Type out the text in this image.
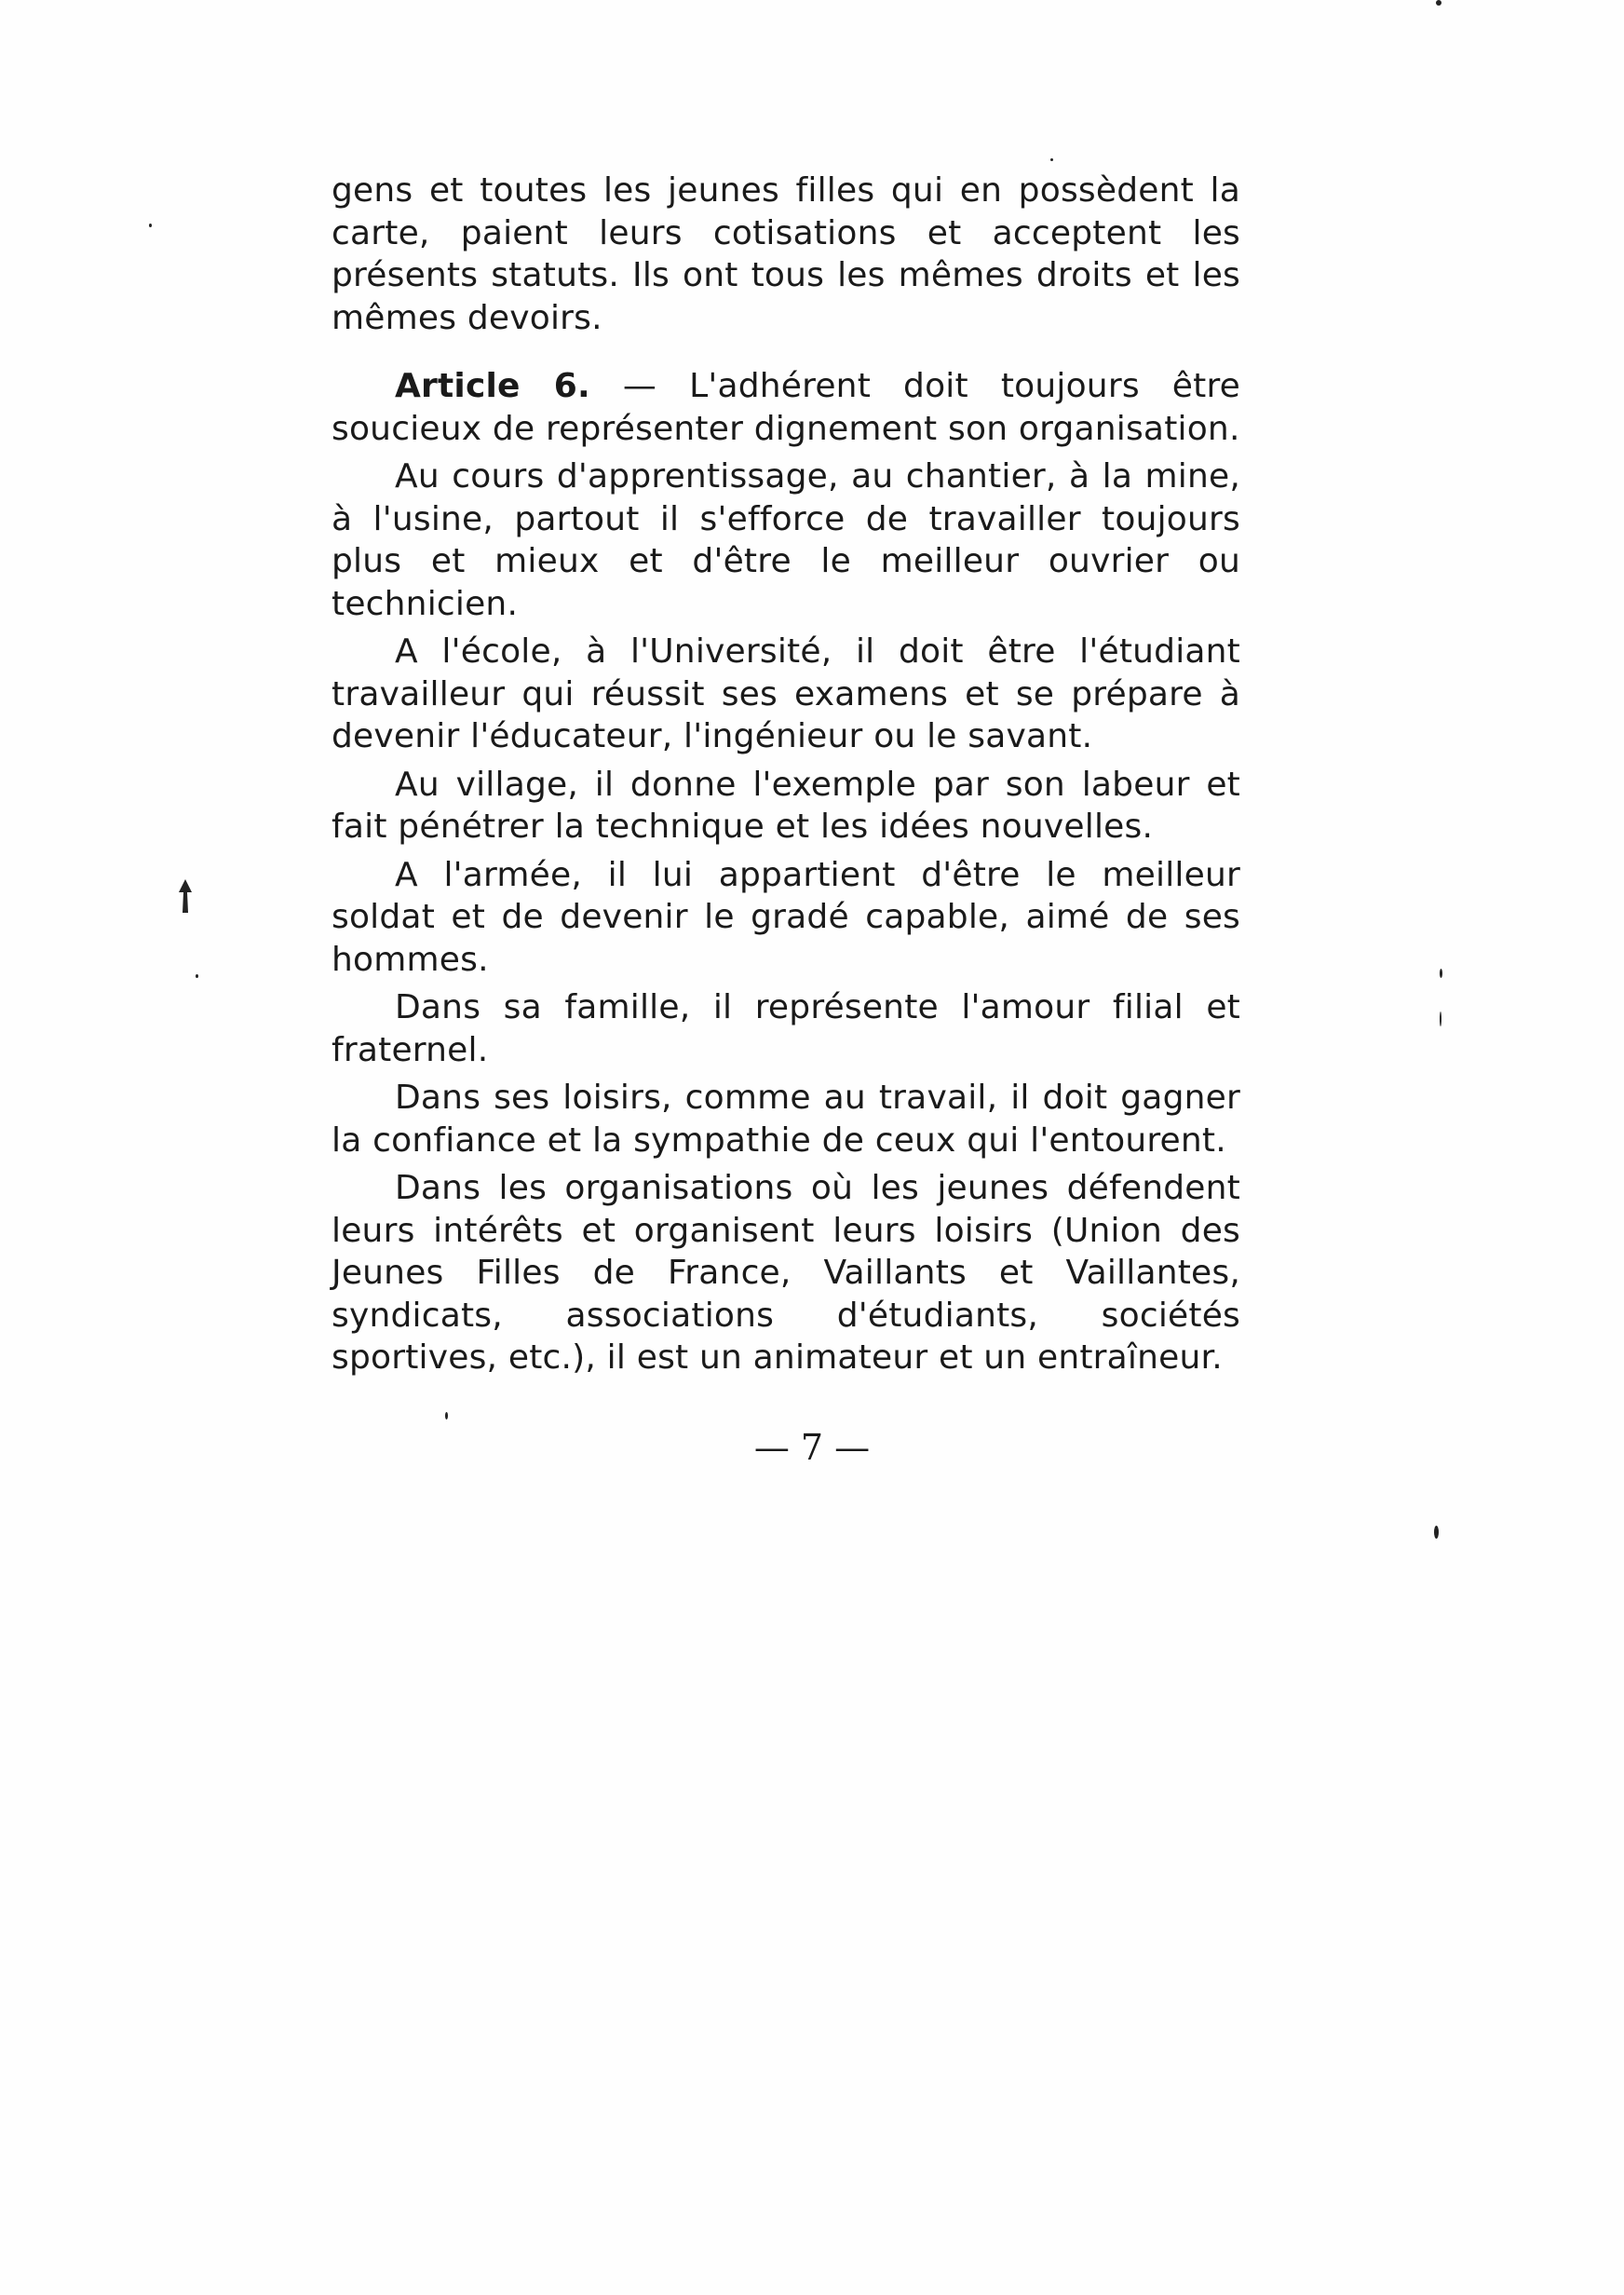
gens et toutes les jeunes filles qui en possèdent la carte, paient leurs cotisations et acceptent les présents statuts. Ils ont tous les mêmes droits et les mêmes devoirs.

Article 6. — L'adhérent doit toujours être soucieux de représenter dignement son organisation.

Au cours d'apprentissage, au chantier, à la mine, à l'usine, partout il s'efforce de travailler toujours plus et mieux et d'être le meilleur ouvrier ou technicien.

A l'école, à l'Université, il doit être l'étudiant travailleur qui réussit ses examens et se prépare à devenir l'éducateur, l'ingénieur ou le savant.

Au village, il donne l'exemple par son labeur et fait pénétrer la technique et les idées nouvelles.

A l'armée, il lui appartient d'être le meilleur soldat et de devenir le gradé capable, aimé de ses hommes.

Dans sa famille, il représente l'amour filial et fraternel.

Dans ses loisirs, comme au travail, il doit gagner la confiance et la sympathie de ceux qui l'entourent.

Dans les organisations où les jeunes défendent leurs intérêts et organisent leurs loisirs (Union des Jeunes Filles de France, Vaillants et Vaillantes, syndicats, associations d'étudiants, sociétés sportives, etc.), il est un animateur et un entraîneur.

— 7 —
